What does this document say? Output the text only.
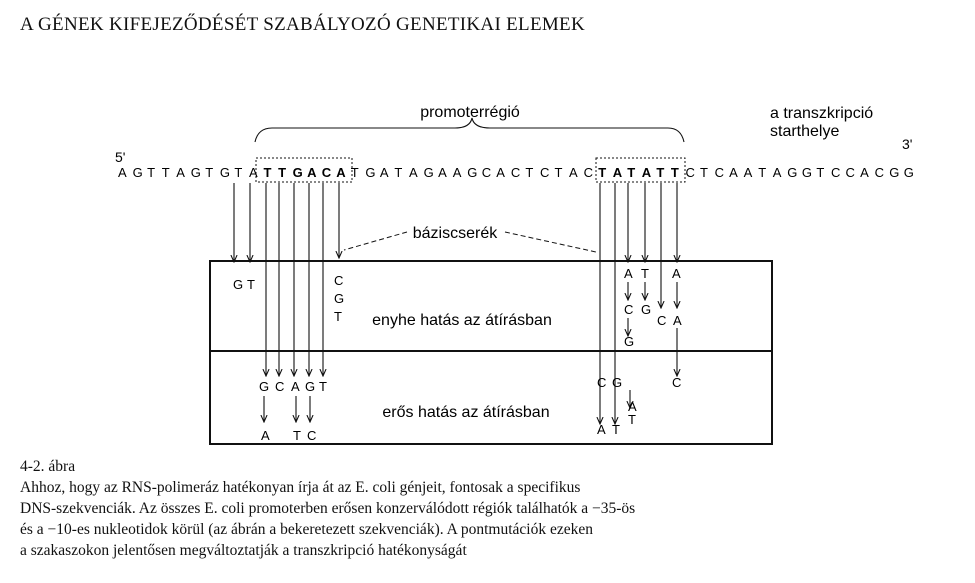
A GÉNEK KIFEJEZŐDÉSÉT SZABÁLYOZÓ GENETIKAI ELEMEK
promoterrégió	a transzkripció
starthelye
5'
3'
A G T T A G T G T A T T G A C A T G A T A G A A G C A C T C T A C T A T A T T C T C A A T A G G T C C A C G G
báziscserék
enyhe hatás az átírásban
erős hatás az átírásban
G T	C
G
T
A T A
C G
C A
G
G C A G T
A T C
C G
A
T
A T
C
4-2. ábra
Ahhoz, hogy az RNS-polimeráz hatékonyan írja át az E. coli génjeit, fontosak a specifikus
DNS-szekvenciák. Az összes E. coli promoterben erősen konzerválódott régiók találhatók a −35-ös
és a −10-es nukleotidok körül (az ábrán a bekeretezett szekvenciák). A pontmutációk ezeken
a szakaszokon jelentősen megváltoztatják a transzkripció hatékonyságát
